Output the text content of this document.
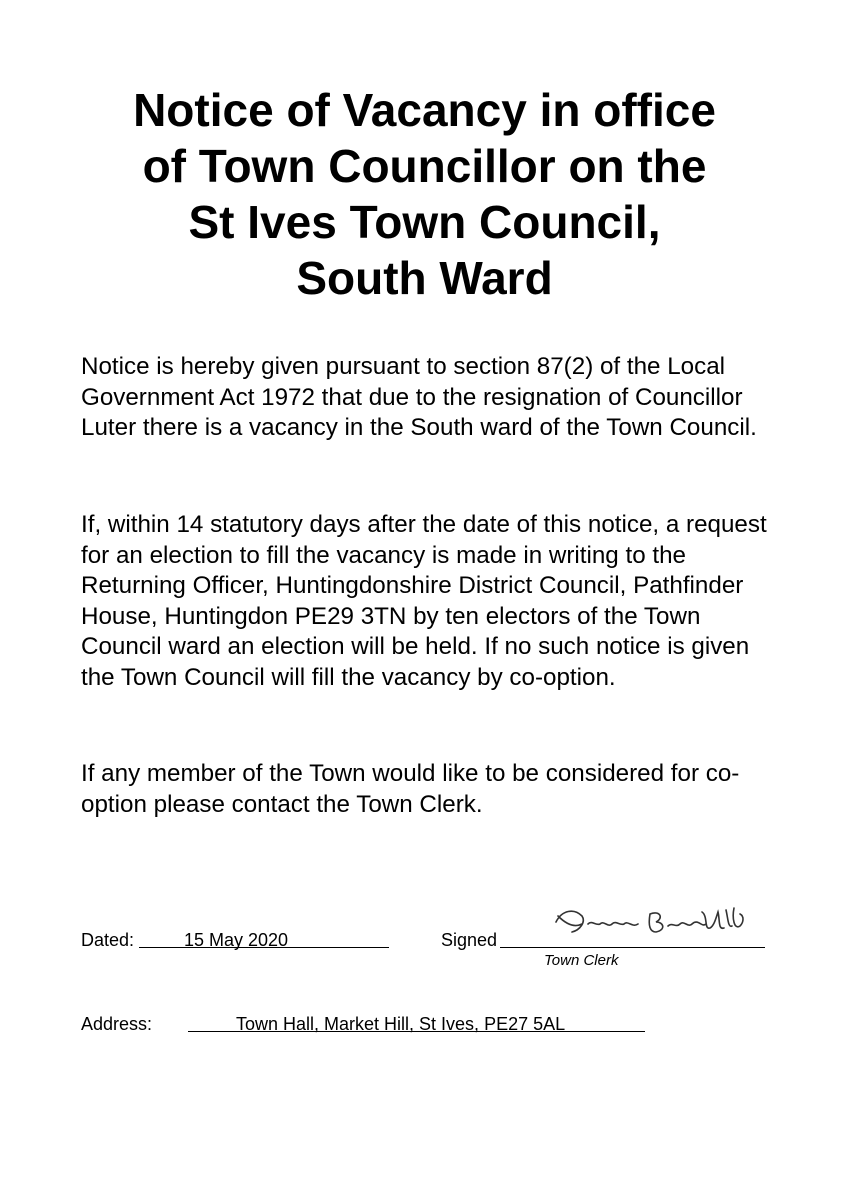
Notice of Vacancy in office
of Town Councillor on the
St Ives Town Council,
South Ward

Notice is hereby given pursuant to section 87(2) of the Local Government Act 1972 that due to the resignation of Councillor Luter there is a vacancy in the South ward of the Town Council.

If, within 14 statutory days after the date of this notice, a request for an election to fill the vacancy is made in writing to the Returning Officer, Huntingdonshire District Council, Pathfinder House, Huntingdon PE29 3TN by ten electors of the Town Council ward an election will be held. If no such notice is given the Town Council will fill the vacancy by co-option.

If any member of the Town would like to be considered for co-option please contact the Town Clerk.

Dated:	15 May 2020	Signed
Town Clerk
Address:	Town Hall, Market Hill, St Ives, PE27 5AL
